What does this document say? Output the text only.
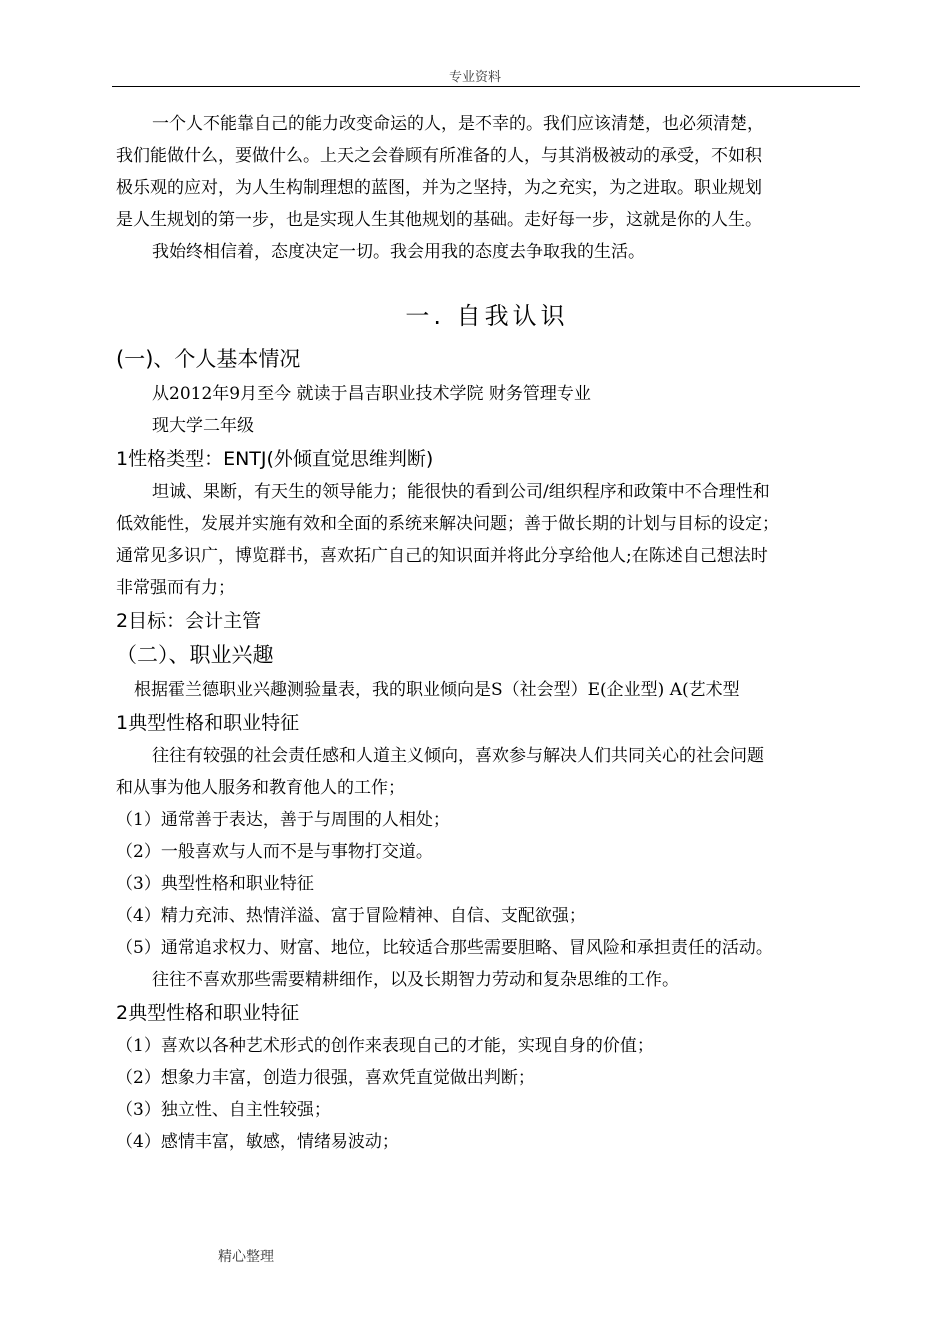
专业资料

一个人不能靠自己的能力改变命运的人，是不幸的。我们应该清楚，也必须清楚，

我们能做什么，要做什么。上天之会眷顾有所准备的人，与其消极被动的承受，不如积

极乐观的应对，为人生构制理想的蓝图，并为之坚持，为之充实，为之进取。职业规划

是人生规划的第一步，也是实现人生其他规划的基础。走好每一步，这就是你的人生。

我始终相信着，态度决定一切。我会用我的态度去争取我的生活。

一. 自我认识
(一)、个人基本情况

从2012年9月至今 就读于昌吉职业技术学院 财务管理专业

现大学二年级

1性格类型：ENTJ(外倾直觉思维判断)

坦诚、果断，有天生的领导能力；能很快的看到公司/组织程序和政策中不合理性和

低效能性，发展并实施有效和全面的系统来解决问题；善于做长期的计划与目标的设定；

通常见多识广，博览群书，喜欢拓广自己的知识面并将此分享给他人;在陈述自己想法时

非常强而有力；

2目标：会计主管
（二）、职业兴趣

根据霍兰德职业兴趣测验量表，我的职业倾向是S（社会型）E(企业型) A(艺术型

1典型性格和职业特征

往往有较强的社会责任感和人道主义倾向，喜欢参与解决人们共同关心的社会问题

和从事为他人服务和教育他人的工作；

（1）通常善于表达，善于与周围的人相处；

（2）一般喜欢与人而不是与事物打交道。

（3）典型性格和职业特征

（4）精力充沛、热情洋溢、富于冒险精神、自信、支配欲强；

（5）通常追求权力、财富、地位，比较适合那些需要胆略、冒风险和承担责任的活动。

往往不喜欢那些需要精耕细作，以及长期智力劳动和复杂思维的工作。

2典型性格和职业特征

（1）喜欢以各种艺术形式的创作来表现自己的才能，实现自身的价值；

（2）想象力丰富，创造力很强，喜欢凭直觉做出判断；

（3）独立性、自主性较强；

（4）感情丰富，敏感，情绪易波动；

精心整理
